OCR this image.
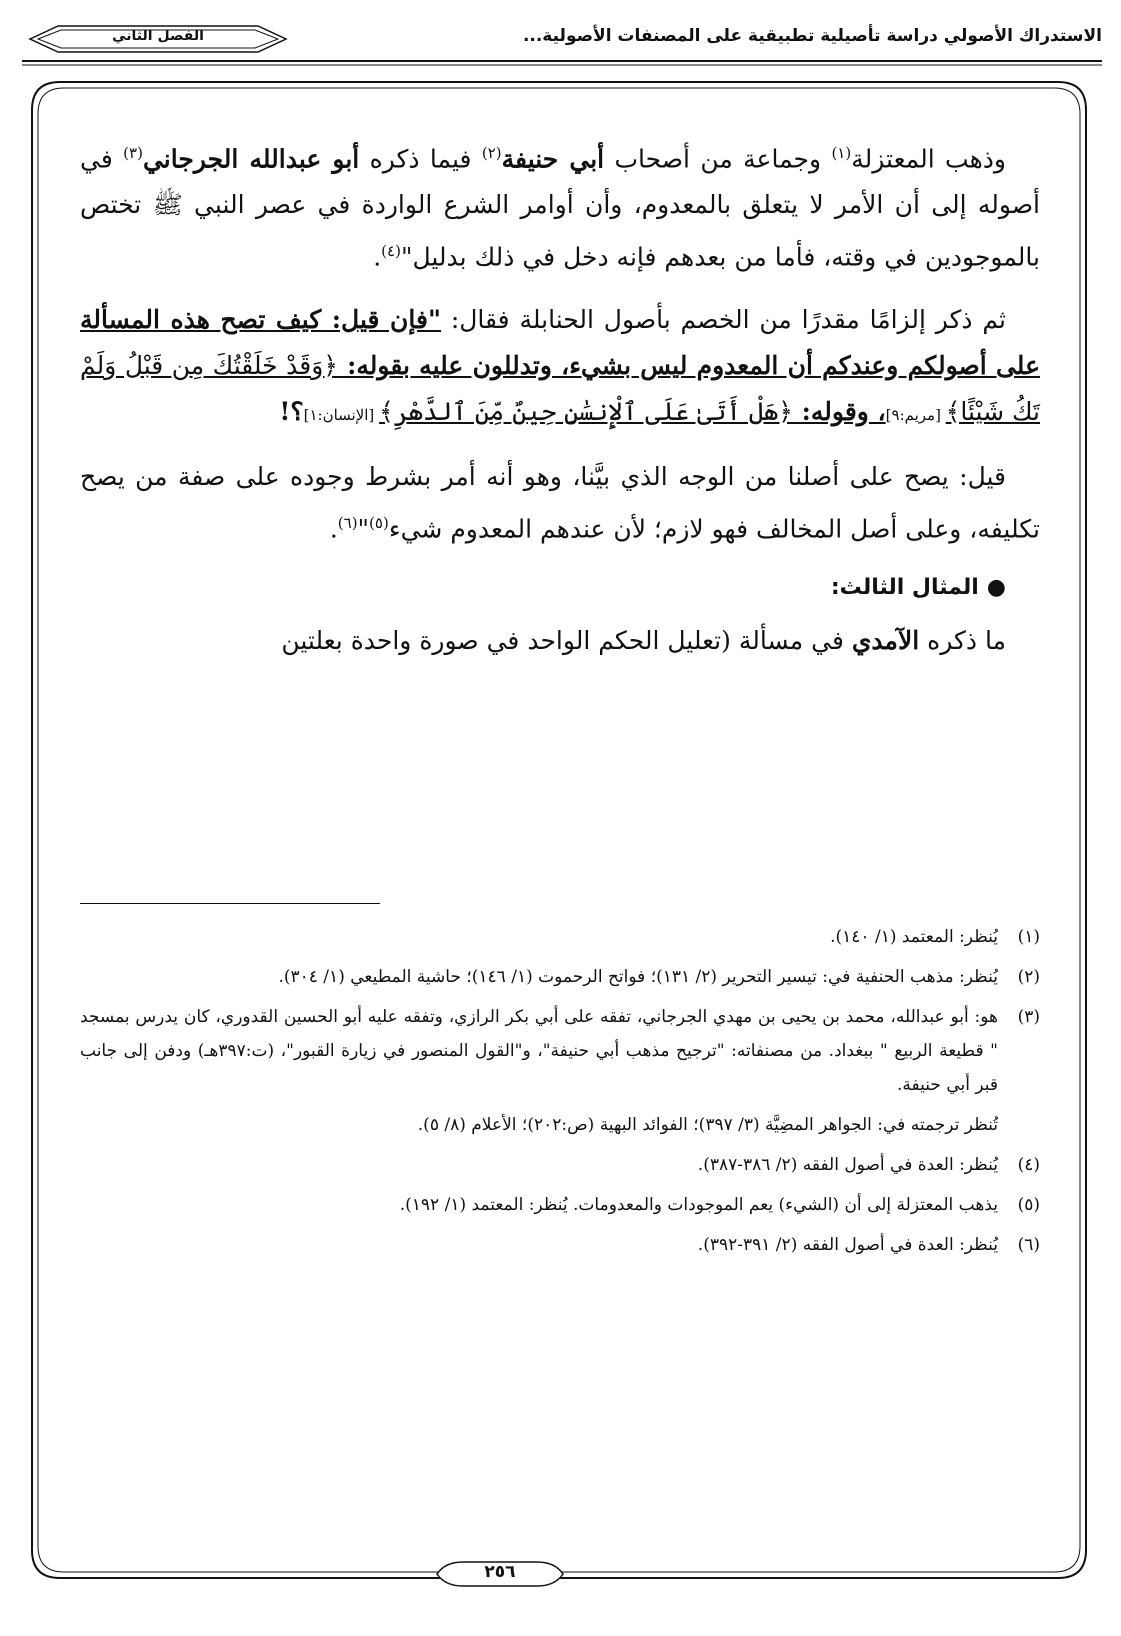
الاستدراك الأصولي دراسة تأصيلية تطبيقية على المصنفات الأصولية...
الفصل الثاني

وذهب المعتزلة$^{(١)}$ وجماعة من أصحاب أبي حنيفة$^{(٢)}$ فيما ذكره أبو عبدالله الجرجاني$^{(٣)}$ في أصوله إلى أن الأمر لا يتعلق بالمعدوم، وأن أوامر الشرع الواردة في عصر النبي ﷺ تختص بالموجودين في وقته، فأما من بعدهم فإنه دخل في ذلك بدليل"$^{(٤)}$.

ثم ذكر إلزامًا مقدرًا من الخصم بأصول الحنابلة فقال: "فإن قيل: كيف تصح هذه المسألة على أصولكم وعندكم أن المعدوم ليس بشيء، وتدللون عليه بقوله: ﴿وَقَدْ خَلَقْتُكَ مِن قَبْلُ وَلَمْ تَكُ شَيْئًا﴾ [مريم:٩]، وقوله: ﴿هَلْ أَتَىٰ عَلَى ٱلْإِنسَٰنِ حِينٌ مِّنَ ٱلدَّهْرِ﴾ [الإنسان:١]؟!

قيل: يصح على أصلنا من الوجه الذي بيَّنا، وهو أنه أمر بشرط وجوده على صفة من يصح تكليفه، وعلى أصل المخالف فهو لازم؛ لأن عندهم المعدوم شيء$^{(٥)}$"$^{(٦)}$.

●المثال الثالث:

ما ذكره الآمدي في مسألة (تعليل الحكم الواحد في صورة واحدة بعلتين

(١)
يُنظر: المعتمد (١/ ١٤٠).
(٢)
يُنظر: مذهب الحنفية في: تيسير التحرير (٢/ ١٣١)؛ فواتح الرحموت (١/ ١٤٦)؛ حاشية المطيعي (١/ ٣٠٤).
(٣)
هو: أبو عبدالله، محمد بن يحيى بن مهدي الجرجاني، تفقه على أبي بكر الرازي، وتفقه عليه أبو الحسين القدوري، كان يدرس بمسجد " قطيعة الربيع " ببغداد. من مصنفاته: "ترجيح مذهب أبي حنيفة"، و"القول المنصور في زيارة القبور"، (ت:٣٩٧هـ) ودفن إلى جانب قبر أبي حنيفة.
تُنظر ترجمته في: الجواهر المضِيَّة (٣/ ٣٩٧)؛ الفوائد البهية (ص:٢٠٢)؛ الأعلام (٨/ ٥).
(٤)
يُنظر: العدة في أصول الفقه (٢/ ٣٨٦-٣٨٧).
(٥)
يذهب المعتزلة إلى أن (الشيء) يعم الموجودات والمعدومات. يُنظر: المعتمد (١/ ١٩٢).
(٦)
يُنظر: العدة في أصول الفقه (٢/ ٣٩١-٣٩٢).
٢٥٦
